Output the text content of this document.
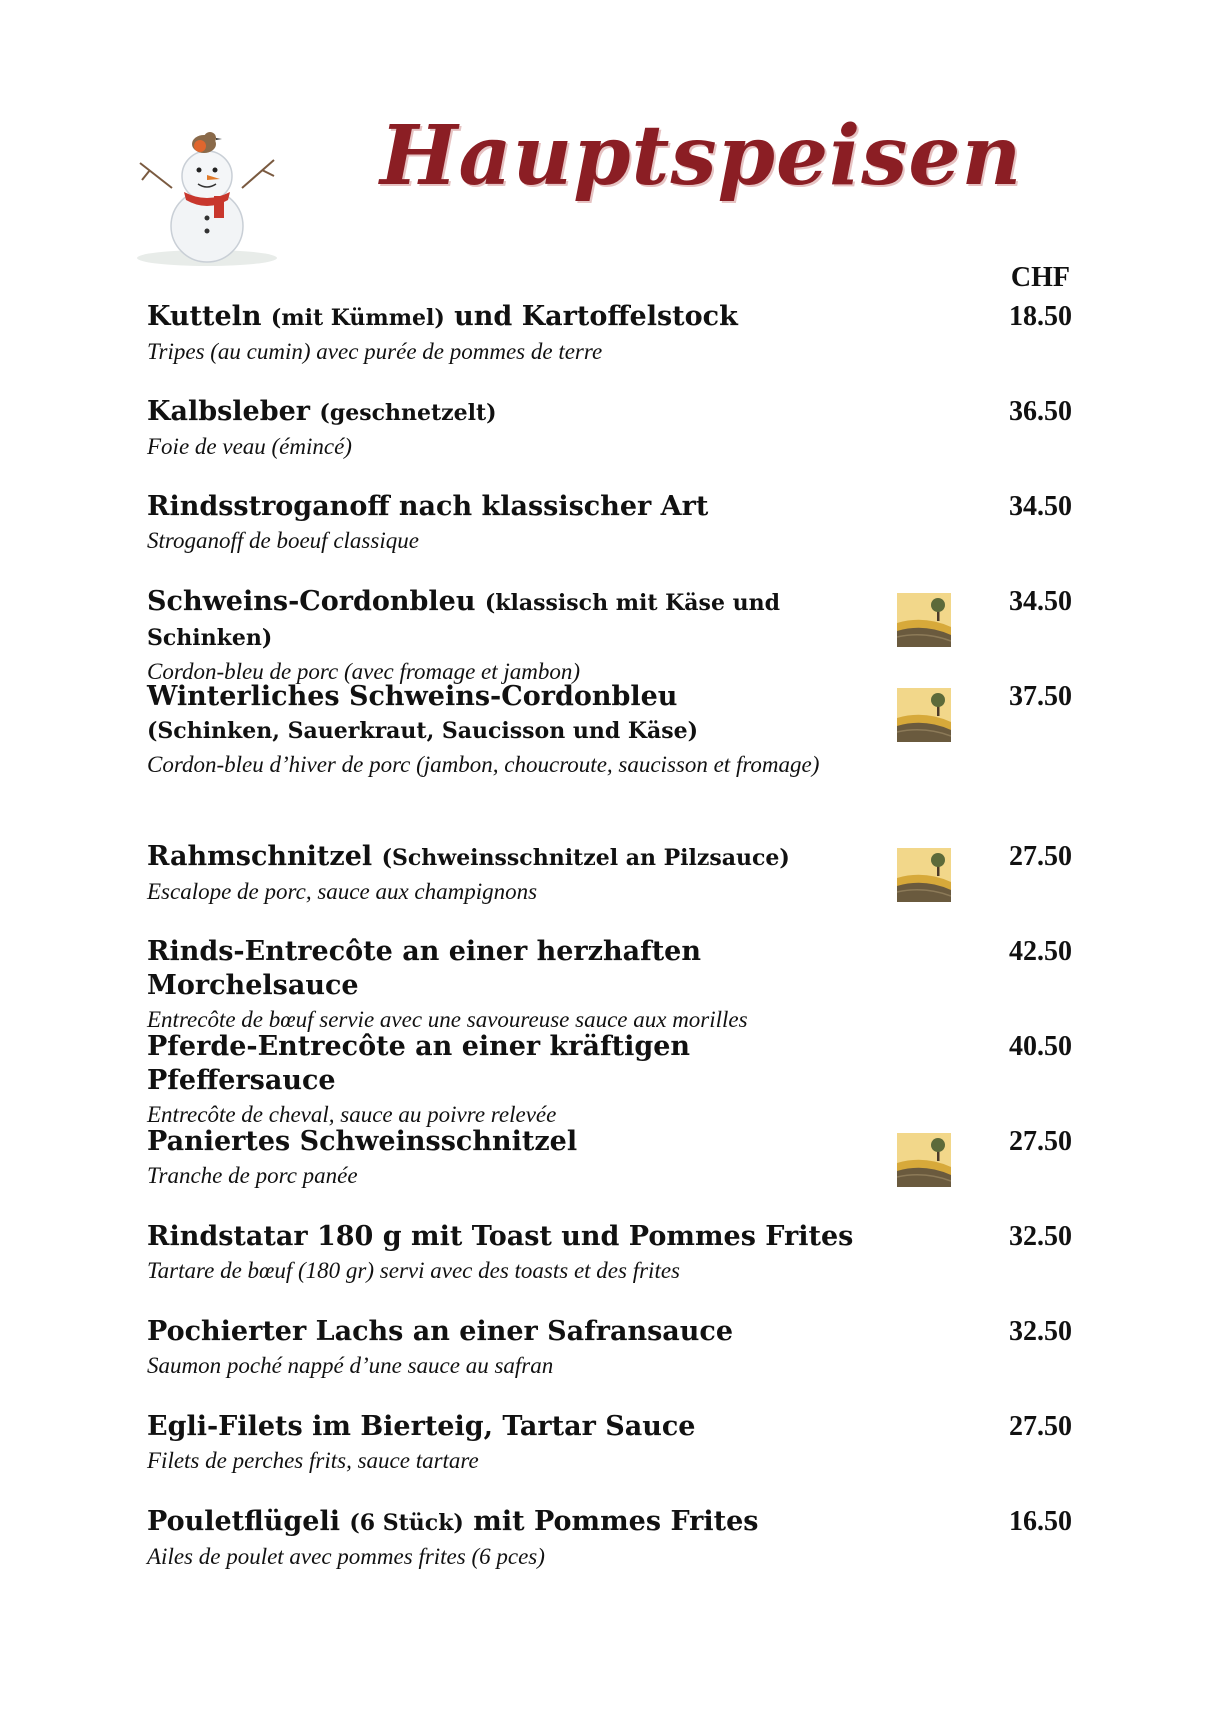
Hauptspeisen
CHF
Kutteln (mit Kümmel) und Kartoffelstock
Tripes (au cumin) avec purée de pommes de terre
18.50
Kalbsleber (geschnetzelt)
Foie de veau (émincé)
36.50
Rindsstroganoff nach klassischer Art
Stroganoff de boeuf classique
34.50
Schweins-Cordonbleu (klassisch mit Käse und Schinken)
Cordon-bleu de porc (avec fromage et jambon)
34.50
Winterliches Schweins-Cordonbleu
(Schinken, Sauerkraut, Saucisson und Käse)
Cordon-bleu d’hiver de porc (jambon, choucroute, saucisson et fromage)
37.50
Rahmschnitzel (Schweinsschnitzel an Pilzsauce)
Escalope de porc, sauce aux champignons
27.50
Rinds-Entrecôte an einer herzhaften Morchelsauce
Entrecôte de bœuf servie avec une savoureuse sauce aux morilles
42.50
Pferde-Entrecôte an einer kräftigen Pfeffersauce
Entrecôte de cheval, sauce au poivre relevée
40.50
Paniertes Schweinsschnitzel
Tranche de porc panée
27.50
Rindstatar 180 g mit Toast und Pommes Frites
Tartare de bœuf (180 gr) servi avec des toasts et des frites
32.50
Pochierter Lachs an einer Safransauce
Saumon poché nappé d’une sauce au safran
32.50
Egli-Filets im Bierteig, Tartar Sauce
Filets de perches frits, sauce tartare
27.50
Pouletflügeli (6 Stück) mit Pommes Frites
Ailes de poulet avec pommes frites (6 pces)
16.50
